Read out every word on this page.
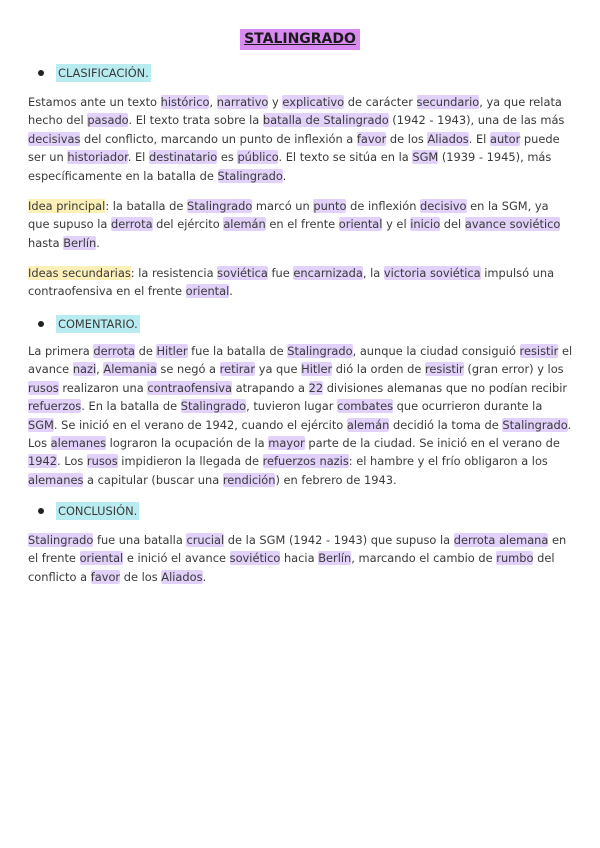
STALINGRADO
CLASIFICACIÓN.

Estamos ante un texto histórico, narrativo y explicativo de carácter secundario, ya que relata hecho del pasado. El texto trata sobre la batalla de Stalingrado (1942 - 1943), una de las más decisivas del conflicto, marcando un punto de inflexión a favor de los Aliados. El autor puede ser un historiador. El destinatario es público. El texto se sitúa en la SGM (1939 - 1945), más específicamente en la batalla de Stalingrado.

Idea principal: la batalla de Stalingrado marcó un punto de inflexión decisivo en la SGM, ya que supuso la derrota del ejército alemán en el frente oriental y el inicio del avance soviético hasta Berlín.

Ideas secundarias: la resistencia soviética fue encarnizada, la victoria soviética impulsó una contraofensiva en el frente oriental.

COMENTARIO.

La primera derrota de Hitler fue la batalla de Stalingrado, aunque la ciudad consiguió resistir el avance nazi, Alemania se negó a retirar ya que Hitler dió la orden de resistir (gran error) y los rusos realizaron una contraofensiva atrapando a 22 divisiones alemanas que no podían recibir refuerzos. En la batalla de Stalingrado, tuvieron lugar combates que ocurrieron durante la SGM. Se inició en el verano de 1942, cuando el ejército alemán decidió la toma de Stalingrado. Los alemanes lograron la ocupación de la mayor parte de la ciudad. Se inició en el verano de 1942. Los rusos impidieron la llegada de refuerzos nazis: el hambre y el frío obligaron a los alemanes a capitular (buscar una rendición) en febrero de 1943.

CONCLUSIÓN.

Stalingrado fue una batalla crucial de la SGM (1942 - 1943) que supuso la derrota alemana en el frente oriental e inició el avance soviético hacia Berlín, marcando el cambio de rumbo del conflicto a favor de los Aliados.
